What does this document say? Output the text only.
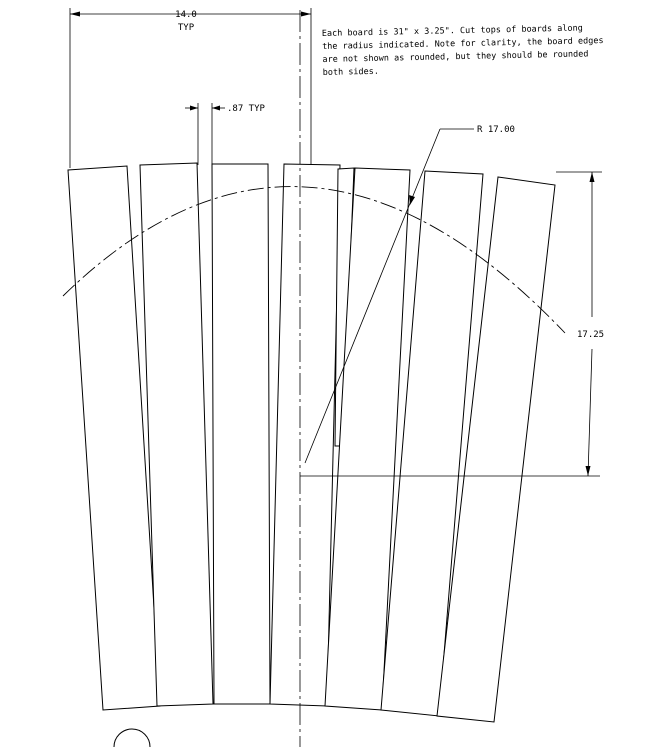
14.0
TYP
.87 TYP
R 17.00
17.25
Each board is 31" x 3.25". Cut tops of boards along
the radius indicated. Note for clarity, the board edges
are not shown as rounded, but they should be rounded
both sides.
